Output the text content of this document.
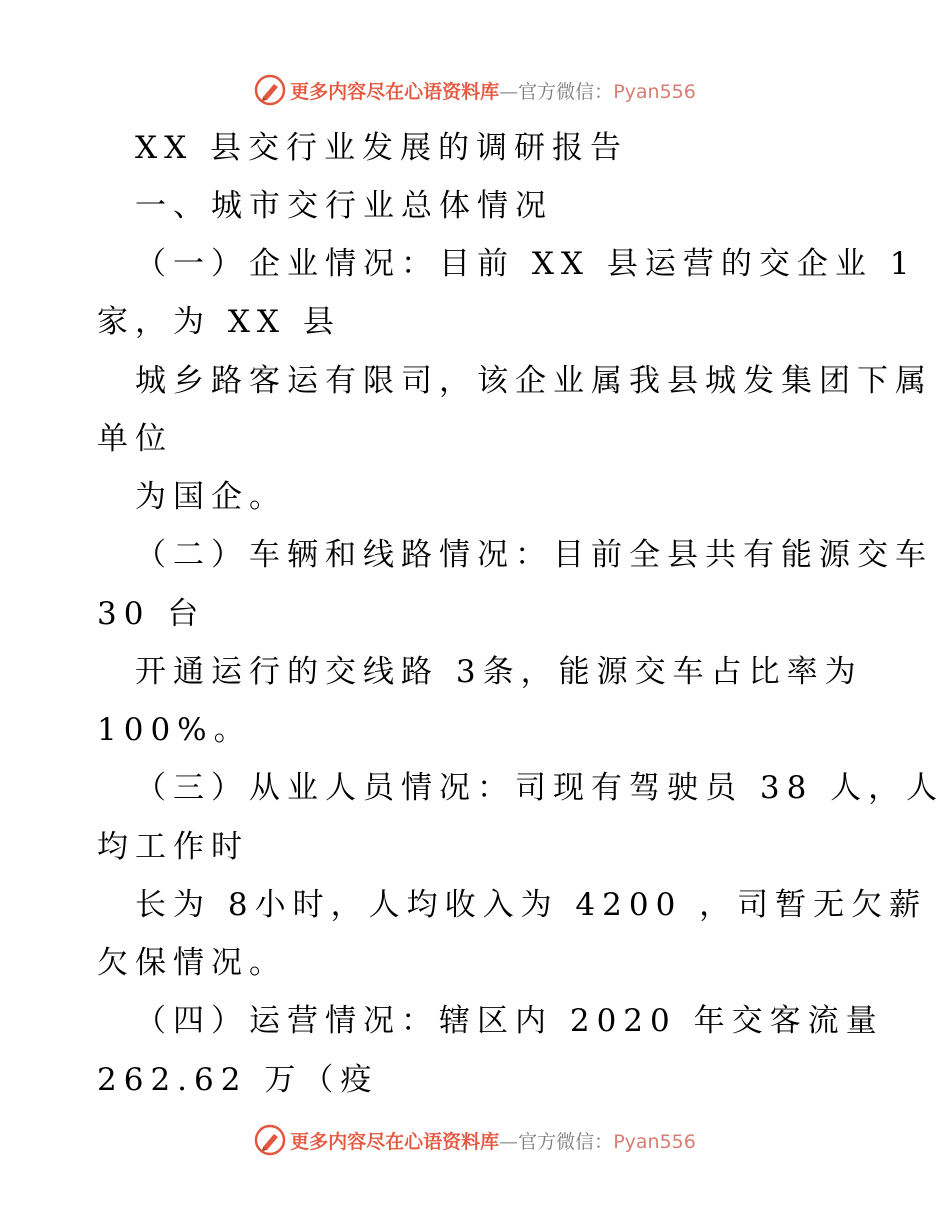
更多内容尽在心语资料库—官方微信：Pyan556
XX 县交行业发展的调研报告
一、城市交行业总体情况
（一）企业情况：目前 XX 县运营的交企业 1
家，为 XX 县
城乡路客运有限司，该企业属我县城发集团下属
单位
为国企。
（二）车辆和线路情况：目前全县共有能源交车
30 台
开通运行的交线路 3条，能源交车占比率为
100%。
（三）从业人员情况：司现有驾驶员 38 人，人
均工作时
长为 8小时，人均收入为 4200 ，司暂无欠薪
欠保情况。
（四）运营情况：辖区内 2020 年交客流量
262.62 万（疫
更多内容尽在心语资料库—官方微信：Pyan556
